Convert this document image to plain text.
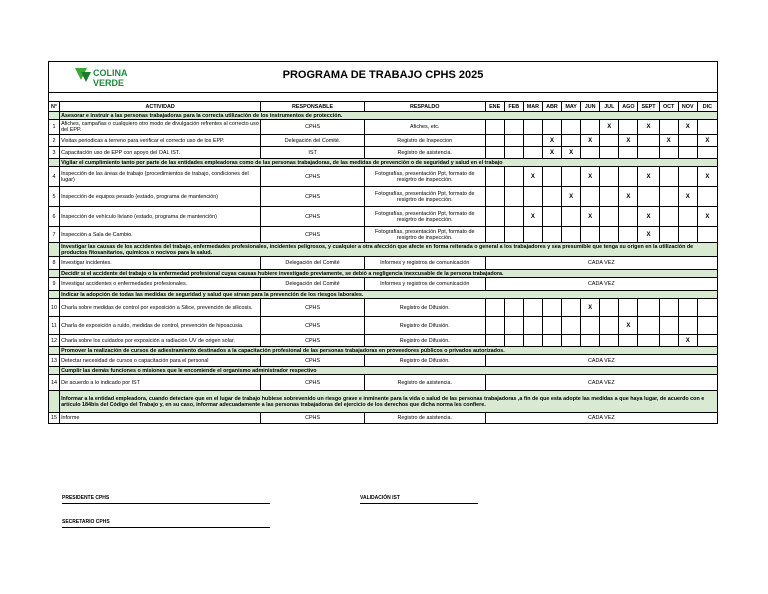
COLINA
VERDE
PROGRAMA DE TRABAJO CPHS 2025
N°	ACTIVIDAD	RESPONSABLE	RESPALDO	ENE	FEB	MAR	ABR	MAY	JUN	JUL	AGO	SEPT	OCT	NOV	DIC
	Asesorar e instruir a las personas trabajadoras para la correcta utilización de los instrumentos de protección.														
1	Afiches, campañas o cualquiero otro modo de divulgación refrentes al correcto uso del EPP.	CPHS	Afiches, etc.							X		X		X	
2	Visitas periodicas a terreno para verificar el correcto uso de los EPP.	Delegación del Comité.	Registro de Inspeccion				X		X		X		X		X
3	Capacitación uso de EPP con apoyo del OAL IST.	IST	Registro de asistencia.				X	X							
	Vigilar el cumplimiento tanto por parte de las entidades empleadoras como de las personas trabajadoras, de las medidas de prevención o de seguridad y salud en el trabajo														
4	Inspección de las áreas de trabajo (procedimientos de trabajo, condiciones del lugar)	CPHS	Fotografías, presentación Ppt, formato de resigrtro de inspección.			X			X			X			X
5	Inspección de equipos pesado (estado, programa de mantención)	CPHS	Fotografías, presentación Ppt, formato de resigrtro de inspección.					X			X			X	
6	Inspección de vehículo liviano (estado, programa de mantención)	CPHS	Fotografías, presentación Ppt, formato de resigrtro de inspección.			X			X			X			X
7	Inspección a Sala de Cambio.	CPHS	Fotografías, presentación Ppt, formato de resigrtro de inspección.									X			
	Investigar las causas de los accidentes del trabajo, enfermedades profesionales, incidentes peligrosos, y cualquier a otra afección que afecte en forma reiterada o general a los trabajadores y sea presumible que tenga su origen en la utilización de productos fitosanitarios, químicos o nocivos para la salud.														
8	Investigar incidentes.	Delegación del Comité	Informes y registros de comunicación	CADA VEZ											
	Decidir si el accidente del trabajo o la enfermedad profesional cuyas causas hubiere investigado previamente, se debió a negligencia inexcusable de la persona trabajadora.														
9	Investigar accidentes o enfermedades profesionales.	Delegación del Comité	Informes y registros de comunicación	CADA VEZ											
	Indicar la adopción de todas las medidas de seguridad y salud que sirvan para la prevención de los riesgos laborales.														
10	Charla sobre medidas de control por exposición a Silice, prevención de silicosis.	CPHS	Registro de Difusión.						X						
11	Charla de exposición a ruido, medidas de control, prevención de hipoacusia.	CPHS	Registro de Difusión.								X				
12	Charla sobre los cuidados por exposición a radiación UV de origen solar.	CPHS	Registro de Difusión.											X	
	Promover la realización de cursos de adiestramiento destinados a la capacitación profesional de las personas trabajadoras en proveedores públicos o privados autorizados.														
13	Detectar necesidad de cursos o capacitación para el personal	CPHS	Registro de Difusión.	CADA VEZ											
	Cumplir las demás funciones o misiones que le encomiende el organismo administrador respectivo														
14	De acuerdo a lo indicado por IST	CPHS	Registro de asistencia.	CADA VEZ											
	Informar a la entidad empleadora, cuando detectare que en el lugar de trabajo hubiese sobrevenido un riesgo grave e inminente para la vida o salud de las personas trabajadoras ,a fin de que esta adopte las medidas a que haya lugar, de acuerdo con e artículo 184bis del Código del Trabajo y, en su caso, informar adecuadamente a las personas trabajadoras del ejercicio de los derechos que dicha norma les confiere.														
15	Informe	CPHS	Registro de asistencia.	CADA VEZ											
PRESIDENTE CPHS	VALIDACIÓN IST
SECRETARIO CPHS
